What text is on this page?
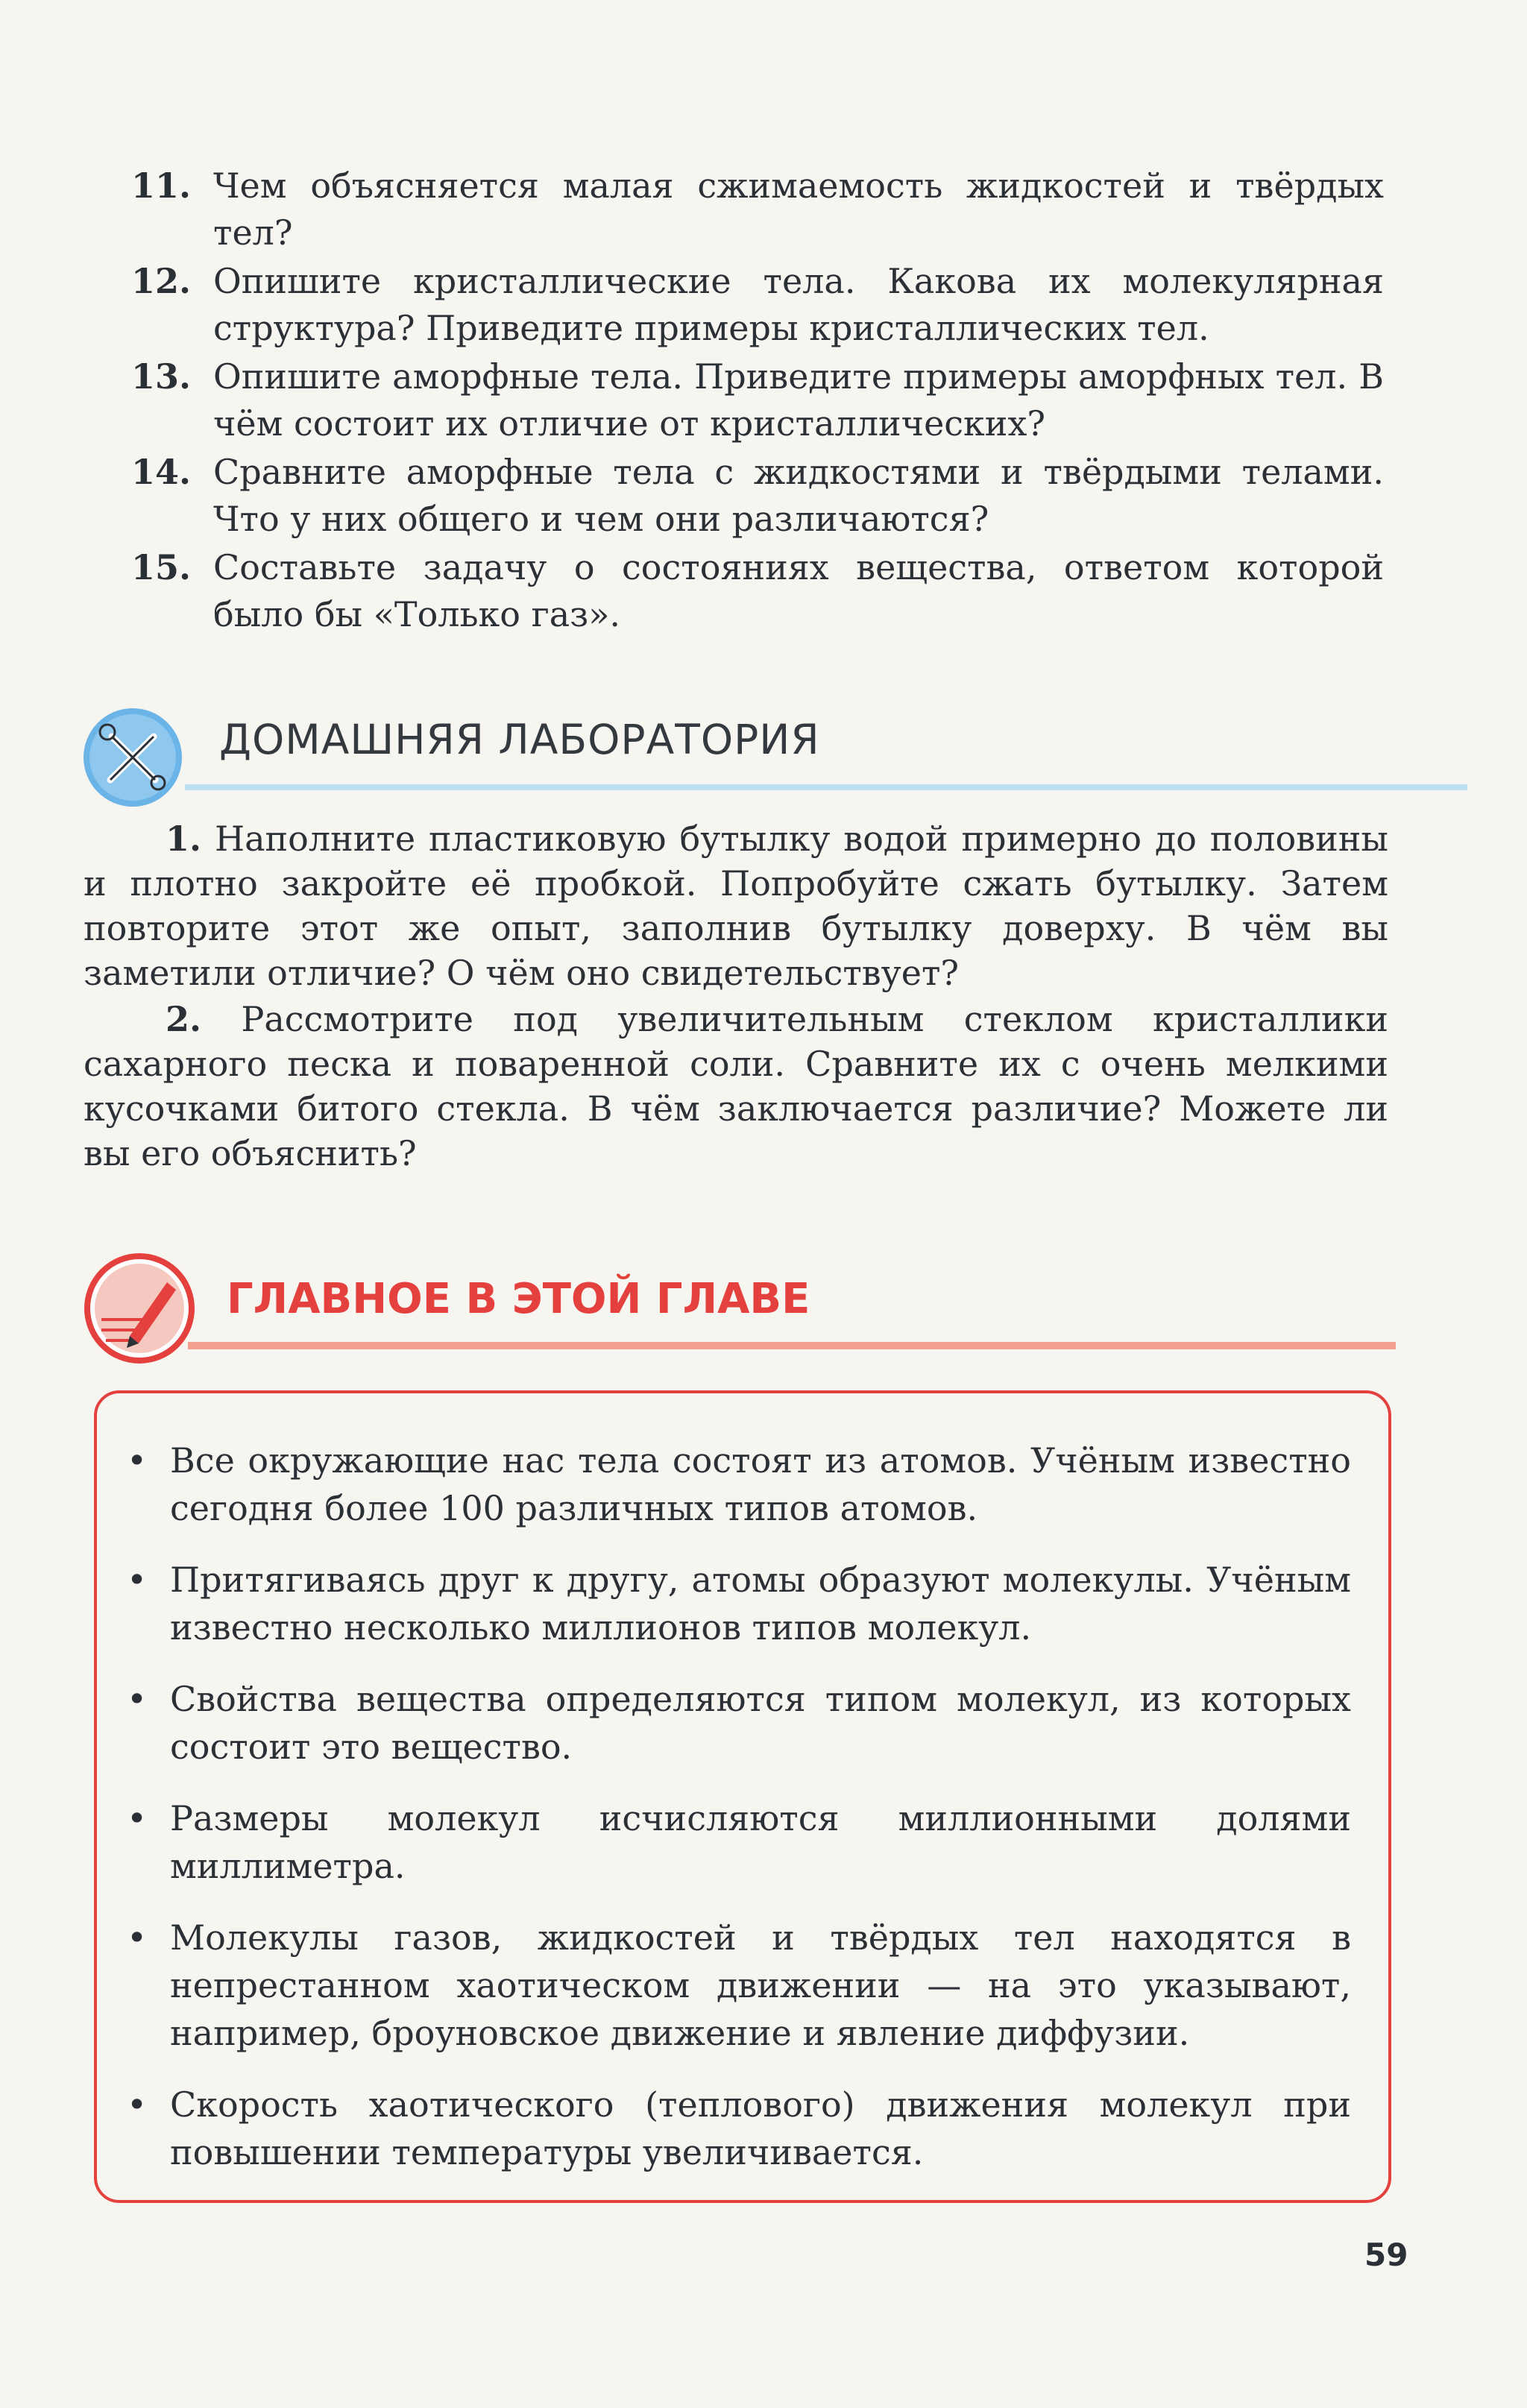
11. Чем объясняется малая сжимаемость жидкостей и твёрдых тел?
12. Опишите кристаллические тела. Какова их молекулярная структура? Приведите примеры кристаллических тел.
13. Опишите аморфные тела. Приведите примеры аморфных тел. В чём состоит их отличие от кристаллических?
14. Сравните аморфные тела с жидкостями и твёрдыми телами. Что у них общего и чем они различаются?
15. Составьте задачу о состояниях вещества, ответом которой было бы «Только газ».
ДОМАШНЯЯ ЛАБОРАТОРИЯ

1. Наполните пластиковую бутылку водой примерно до половины и плотно закройте её пробкой. Попробуйте сжать бутылку. Затем повторите этот же опыт, заполнив бутылку доверху. В чём вы заметили отличие? О чём оно свидетельствует?

2. Рассмотрите под увеличительным стеклом кристаллики сахарного песка и поваренной соли. Сравните их с очень мелкими кусочками битого стекла. В чём заключается различие? Можете ли вы его объяснить?

ГЛАВНОЕ В ЭТОЙ ГЛАВЕ
• Все окружающие нас тела состоят из атомов. Учёным известно сегодня более 100 различных типов атомов.
• Притягиваясь друг к другу, атомы образуют молекулы. Учёным известно несколько миллионов типов молекул.
• Свойства вещества определяются типом молекул, из которых состоит это вещество.
• Размеры молекул исчисляются миллионными долями миллиметра.
• Молекулы газов, жидкостей и твёрдых тел находятся в непрестанном хаотическом движении — на это указывают, например, броуновское движение и явление диффузии.
• Скорость хаотического (теплового) движения молекул при повышении температуры увеличивается.
59
